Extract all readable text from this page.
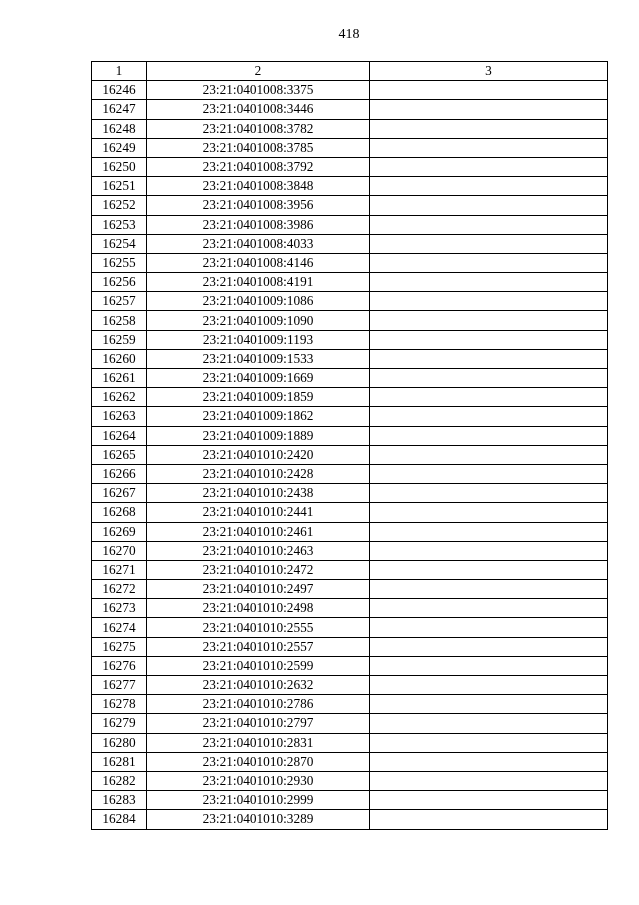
418
1	2	3
16246	23:21:0401008:3375	
16247	23:21:0401008:3446	
16248	23:21:0401008:3782	
16249	23:21:0401008:3785	
16250	23:21:0401008:3792	
16251	23:21:0401008:3848	
16252	23:21:0401008:3956	
16253	23:21:0401008:3986	
16254	23:21:0401008:4033	
16255	23:21:0401008:4146	
16256	23:21:0401008:4191	
16257	23:21:0401009:1086	
16258	23:21:0401009:1090	
16259	23:21:0401009:1193	
16260	23:21:0401009:1533	
16261	23:21:0401009:1669	
16262	23:21:0401009:1859	
16263	23:21:0401009:1862	
16264	23:21:0401009:1889	
16265	23:21:0401010:2420	
16266	23:21:0401010:2428	
16267	23:21:0401010:2438	
16268	23:21:0401010:2441	
16269	23:21:0401010:2461	
16270	23:21:0401010:2463	
16271	23:21:0401010:2472	
16272	23:21:0401010:2497	
16273	23:21:0401010:2498	
16274	23:21:0401010:2555	
16275	23:21:0401010:2557	
16276	23:21:0401010:2599	
16277	23:21:0401010:2632	
16278	23:21:0401010:2786	
16279	23:21:0401010:2797	
16280	23:21:0401010:2831	
16281	23:21:0401010:2870	
16282	23:21:0401010:2930	
16283	23:21:0401010:2999	
16284	23:21:0401010:3289	
